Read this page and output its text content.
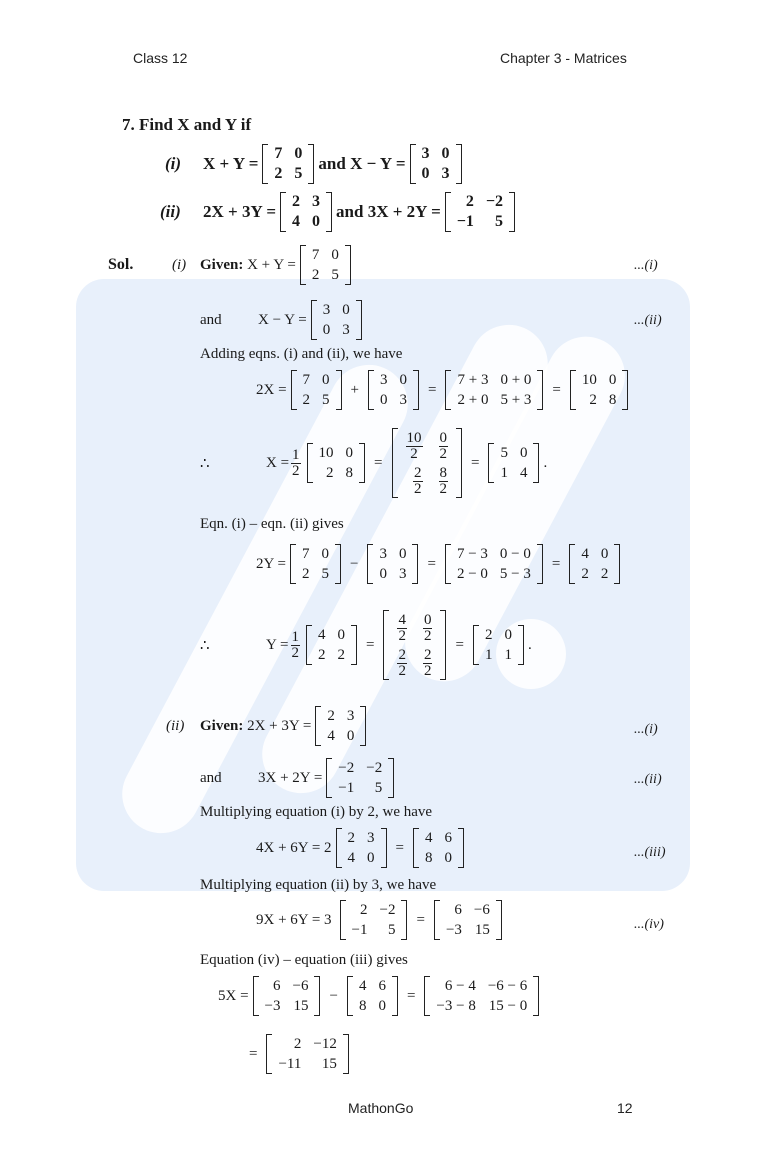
Class 12	Chapter 3 - Matrices
MathonGo	12
7.
Find X and Y if
(i)	X + Y =
7	0
2	5
and
X − Y =
3	0
0	3
(ii)	2X + 3Y =
2	3
4	0
and
3X + 2Y =
2	−2
−1	5
Sol.	(i) Given:
X + Y =
7	0
2	5
...(i)
and	X − Y =
3	0
0	3
...(ii)
Adding eqns. (i) and (ii), we have
2X =
7	0
2	5
+
3	0
0	3
=
7 + 3	0 + 0
2 + 0	5 + 3
=
10	0
2	8
∴	$X = \frac{1}{2} 10$	0
2	8
=
$\frac{10}{2}$	$\frac{0}{2}$

$\frac{2}{2}$	$\frac{8}{2}$
=
5	0
1	4
.
Eqn. (i) – eqn. (ii) gives
2Y =
7	0
2	5
−
3	0
0	3
=
7 − 3	0 − 0
2 − 0	5 − 3
=
4	0
2	2
∴	$Y = \frac{1}{2} 4$	0
2	2
=
$\frac{4}{2}$	$\frac{0}{2}$

$\frac{2}{2}$	$\frac{2}{2}$
=
2	0
1	1
.
(ii)	Given:
2X + 3Y =
2	3
4	0	...(i)
and	3X + 2Y =
−2	−2
−1	5
...(ii)
Multiplying equation (i) by 2, we have
4X + 6Y = 2
2	3
4	0
=
4	6
8	0	...(iii)
Multiplying equation (ii) by 3, we have
9X + 6Y = 3
2	−2
−1	5
=
6	−6
−3	15	...(iv)
Equation (iv) – equation (iii) gives
5X =
6	−6
−3	15
−
4	6
8	0
=
6 − 4	−6 − 6
−3 − 8	15 − 0
=
2	−12
−11	15
